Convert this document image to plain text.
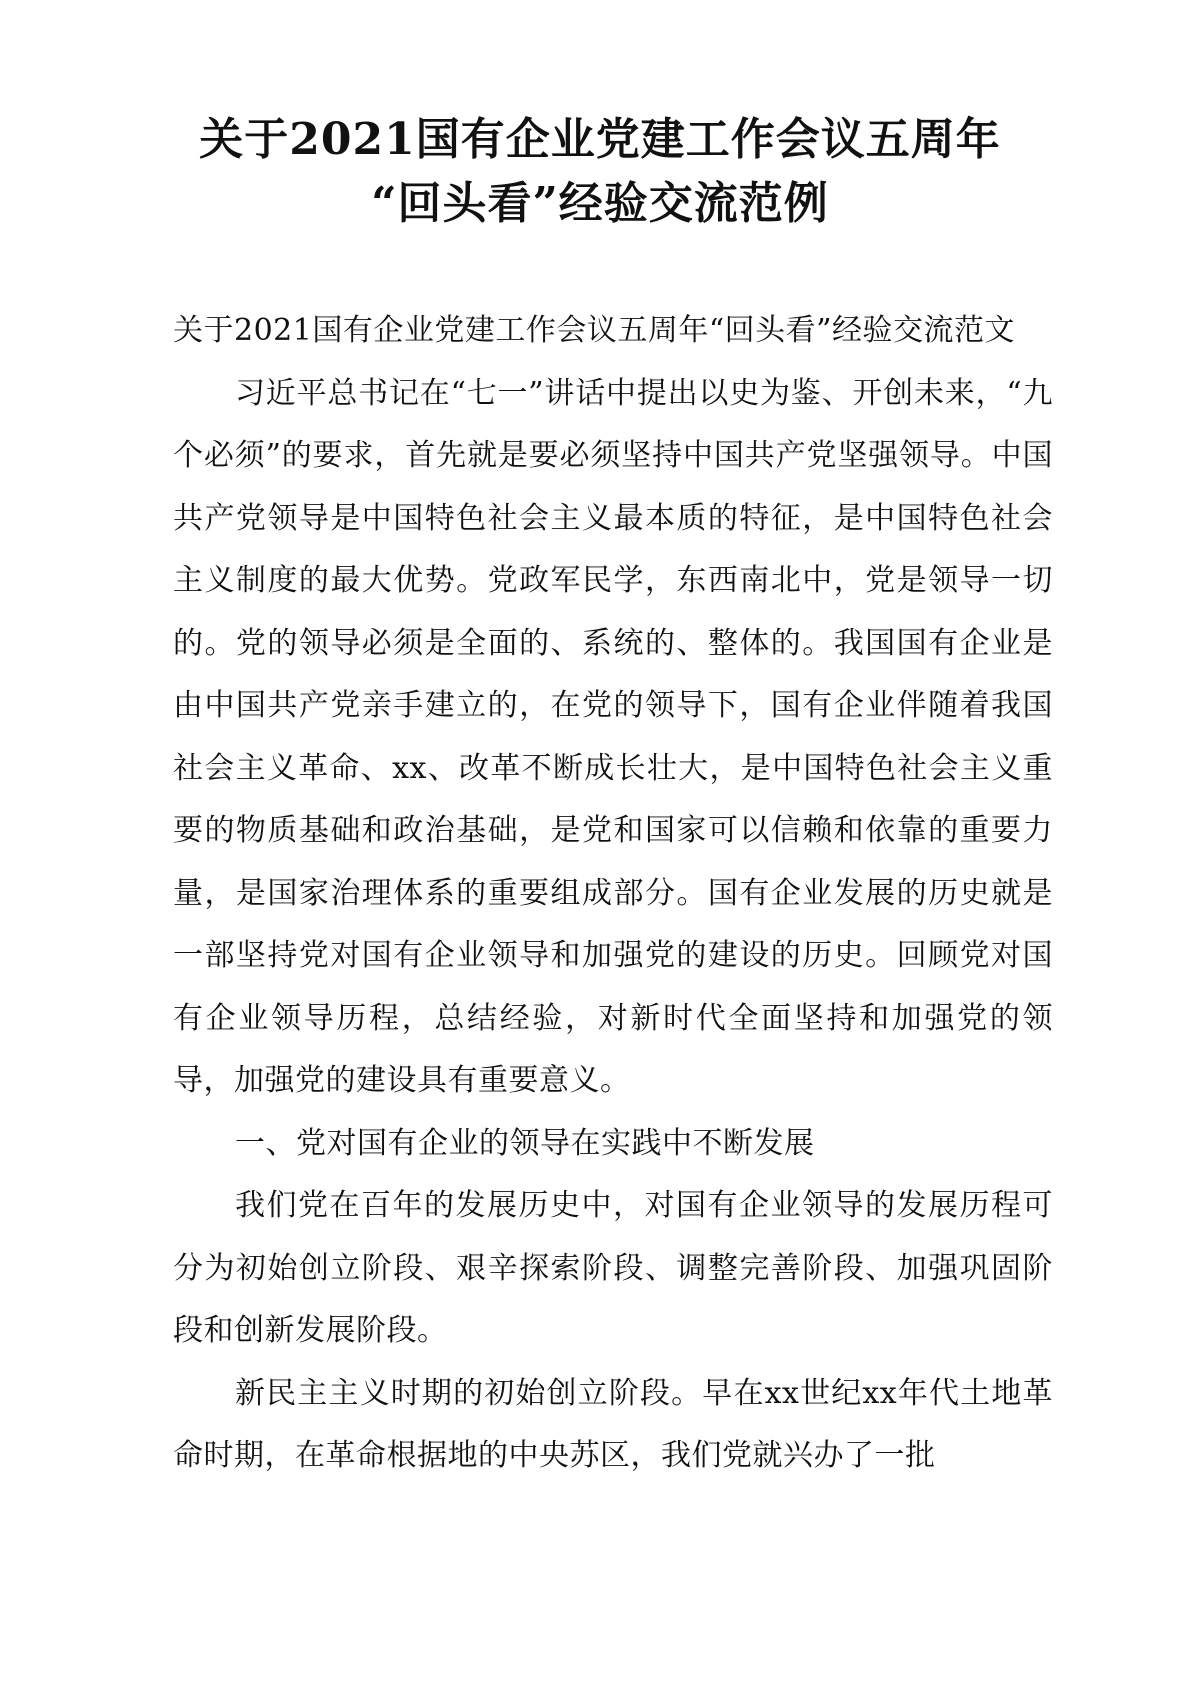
关于2021国有企业党建工作会议五周年
“回头看”经验交流范例

关于2021国有企业党建工作会议五周年“回头看”经验交流范文

习近平总书记在“七一”讲话中提出以史为鉴、开创未来，“九个必须”的要求，首先就是要必须坚持中国共产党坚强领导。中国共产党领导是中国特色社会主义最本质的特征，是中国特色社会主义制度的最大优势。党政军民学，东西南北中，党是领导一切的。党的领导必须是全面的、系统的、整体的。我国国有企业是由中国共产党亲手建立的，在党的领导下，国有企业伴随着我国社会主义革命、xx、改革不断成长壮大，是中国特色社会主义重要的物质基础和政治基础，是党和国家可以信赖和依靠的重要力量，是国家治理体系的重要组成部分。国有企业发展的历史就是一部坚持党对国有企业领导和加强党的建设的历史。回顾党对国有企业领导历程，总结经验，对新时代全面坚持和加强党的领导，加强党的建设具有重要意义。

一、党对国有企业的领导在实践中不断发展

我们党在百年的发展历史中，对国有企业领导的发展历程可分为初始创立阶段、艰辛探索阶段、调整完善阶段、加强巩固阶段和创新发展阶段。

新民主主义时期的初始创立阶段。早在xx世纪xx年代土地革命时期，在革命根据地的中央苏区，我们党就兴办了一批
